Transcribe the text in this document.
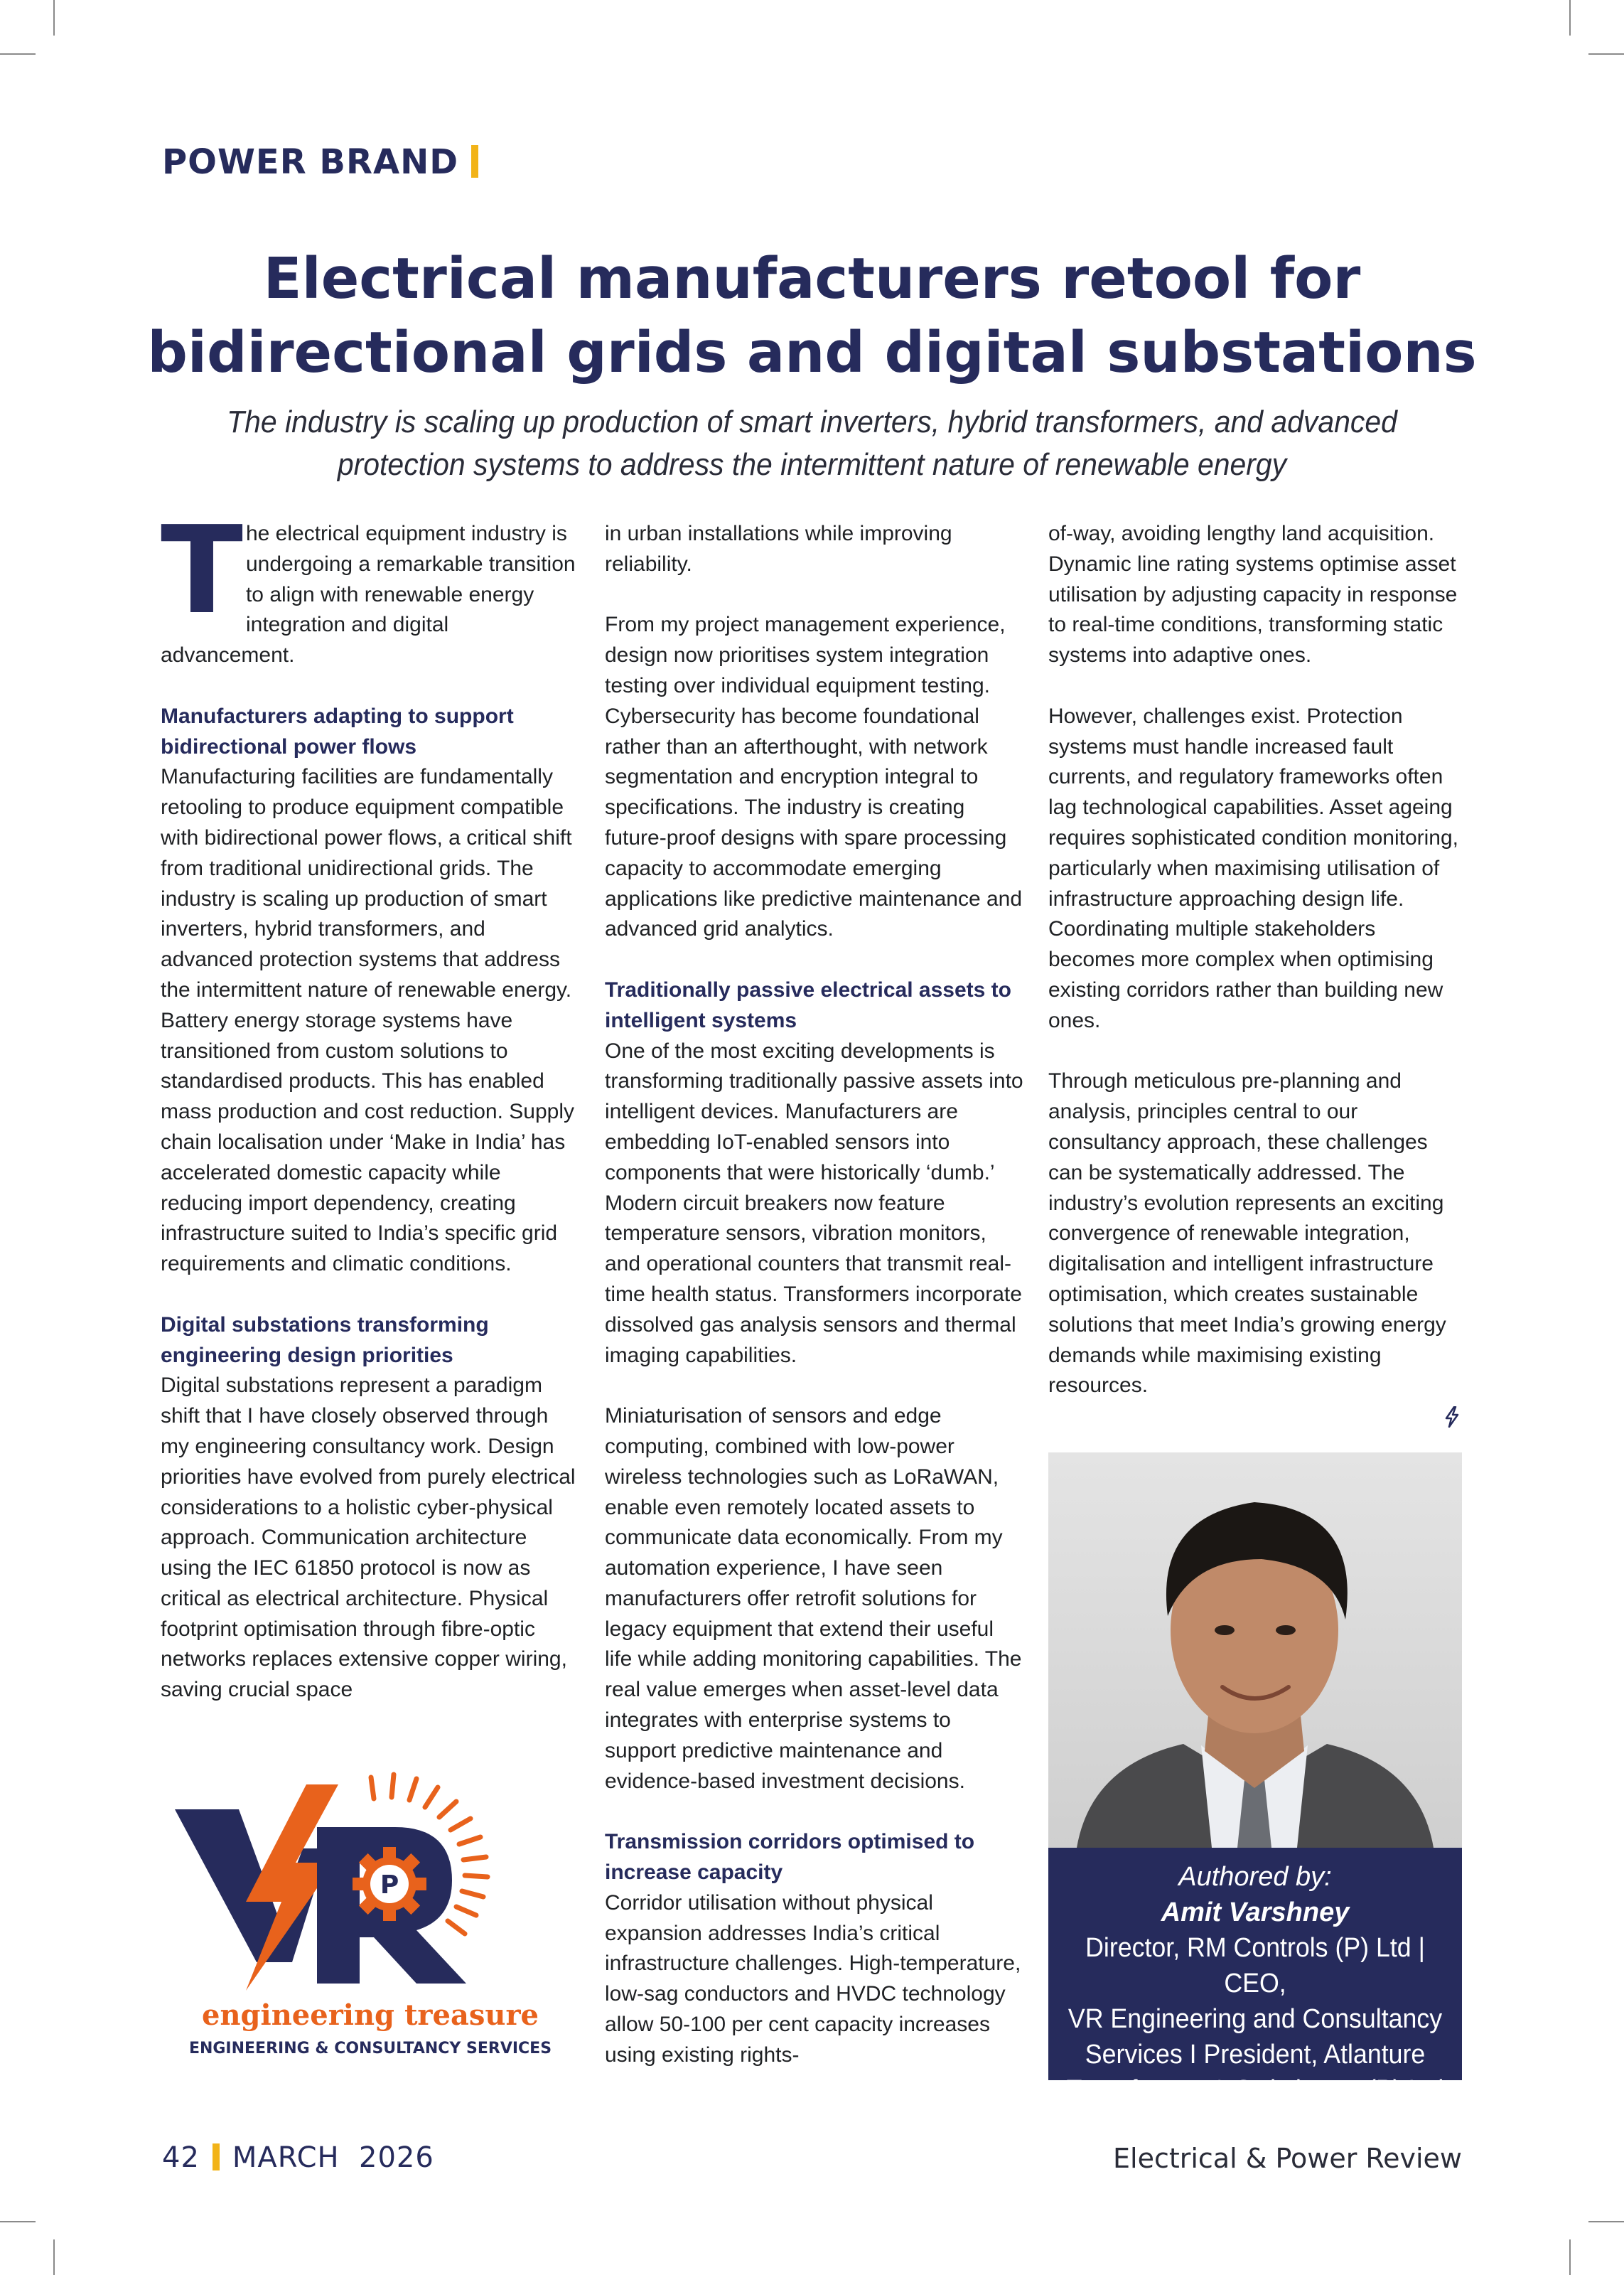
POWER BRAND
Electrical manufacturers retool for bidirectional grids and digital substations

The industry is scaling up production of smart inverters, hybrid transformers, and advanced protection systems to address the intermittent nature of renewable energy

The electrical equipment industry is undergoing a remarkable transition to align with renewable energy integration and digital advancement.

Manufacturers adapting to support bidirectional power flows

Manufacturing facilities are fundamentally retooling to produce equipment compatible with bidirectional power flows, a critical shift from traditional unidirectional grids. The industry is scaling up production of smart inverters, hybrid transformers, and advanced protection systems that address the intermittent nature of renewable energy. Battery energy storage systems have transitioned from custom solutions to standardised products. This has enabled mass production and cost reduction. Supply chain localisation under ‘Make in India’ has accelerated domestic capacity while reducing import dependency, creating infrastructure suited to India’s specific grid requirements and climatic conditions.

Digital substations transforming engineering design priorities

Digital substations represent a paradigm shift that I have closely observed through my engineering consultancy work. Design priorities have evolved from purely electrical considerations to a holistic cyber-physical approach. Communication architecture using the IEC 61850 protocol is now as critical as electrical architecture. Physical footprint optimisation through fibre-optic networks replaces extensive copper wiring, saving crucial space

in urban installations while improving reliability.

From my project management experience, design now prioritises system integration testing over individual equipment testing. Cybersecurity has become foundational rather than an afterthought, with network segmentation and encryption integral to specifications. The industry is creating future-proof designs with spare processing capacity to accommodate emerging applications like predictive maintenance and advanced grid analytics.

Traditionally passive electrical assets to intelligent systems

One of the most exciting developments is transforming traditionally passive assets into intelligent devices. Manufacturers are embedding IoT-enabled sensors into components that were historically ‘dumb.’ Modern circuit breakers now feature temperature sensors, vibration monitors, and operational counters that transmit real-time health status. Transformers incorporate dissolved gas analysis sensors and thermal imaging capabilities.

Miniaturisation of sensors and edge computing, combined with low-power wireless technologies such as LoRaWAN, enable even remotely located assets to communicate data economically. From my automation experience, I have seen manufacturers offer retrofit solutions for legacy equipment that extend their useful life while adding monitoring capabilities. The real value emerges when asset-level data integrates with enterprise systems to support predictive maintenance and evidence-based investment decisions.

Transmission corridors optimised to increase capacity

Corridor utilisation without physical expansion addresses India’s critical infrastructure challenges. High-temperature, low-sag conductors and HVDC technology allow 50-100 per cent capacity increases using existing rights-

of-way, avoiding lengthy land acquisition. Dynamic line rating systems optimise asset utilisation by adjusting capacity in response to real-time conditions, transforming static systems into adaptive ones.

However, challenges exist. Protection systems must handle increased fault currents, and regulatory frameworks often lag technological capabilities. Asset ageing requires sophisticated condition monitoring, particularly when maximising utilisation of infrastructure approaching design life. Coordinating multiple stakeholders becomes more complex when optimising existing corridors rather than building new ones.

Through meticulous pre-planning and analysis, principles central to our consultancy approach, these challenges can be systematically addressed. The industry’s evolution represents an exciting convergence of renewable integration, digitalisation and intelligent infrastructure optimisation, which creates sustainable solutions that meet India’s growing energy demands while maximising existing resources.

P
engineering treasure
ENGINEERING & CONSULTANCY SERVICES
Authored by:
Amit Varshney
Director, RM Controls (P) Ltd | CEO,
VR Engineering and Consultancy
Services I President, Atlanture
Transformer & Switchgear (P) Ltd
42 MARCH  2026	Electrical & Power Review
